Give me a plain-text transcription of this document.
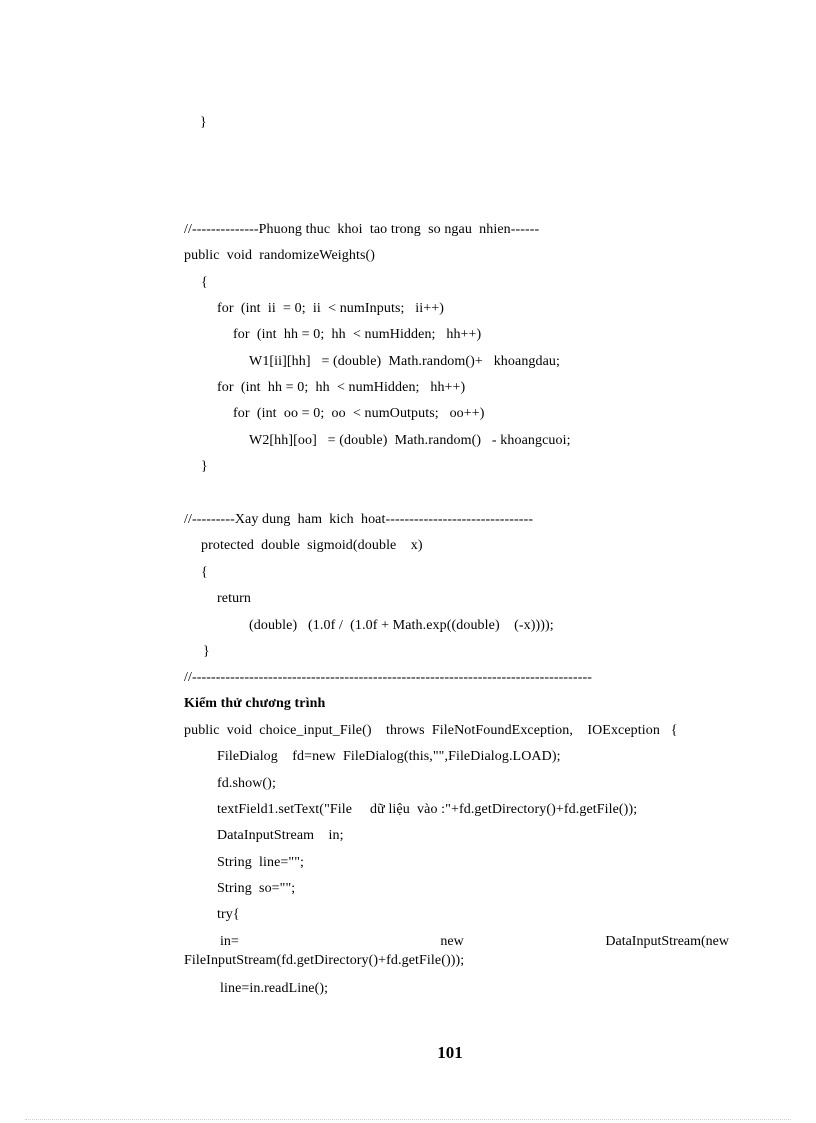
}
//--------------Phuong thuc  khoi  tao trong  so ngau  nhien------
public  void  randomizeWeights()
{
for  (int  ii  = 0;  ii  < numInputs;   ii++)
for  (int  hh = 0;  hh  < numHidden;   hh++)
W1[ii][hh]   = (double)  Math.random()+   khoangdau;
for  (int  hh = 0;  hh  < numHidden;   hh++)
for  (int  oo = 0;  oo  < numOutputs;   oo++)
W2[hh][oo]   = (double)  Math.random()   - khoangcuoi;
}
//---------Xay dung  ham  kich  hoat-------------------------------
protected  double  sigmoid(double    x)
{
return
(double)   (1.0f /  (1.0f + Math.exp((double)    (-x))));
}
//------------------------------------------------------------------------------------
Kiểm thử chương trình
public  void  choice_input_File()    throws  FileNotFoundException,    IOException   {
FileDialog    fd=new  FileDialog(this,"",FileDialog.LOAD);
fd.show();
textField1.setText("File     dữ liệu  vào :"+fd.getDirectory()+fd.getFile());
DataInputStream    in;
String  line="";
String  so="";
try{
in=	new	DataInputStream(new
FileInputStream(fd.getDirectory()+fd.getFile()));
line=in.readLine();
101
